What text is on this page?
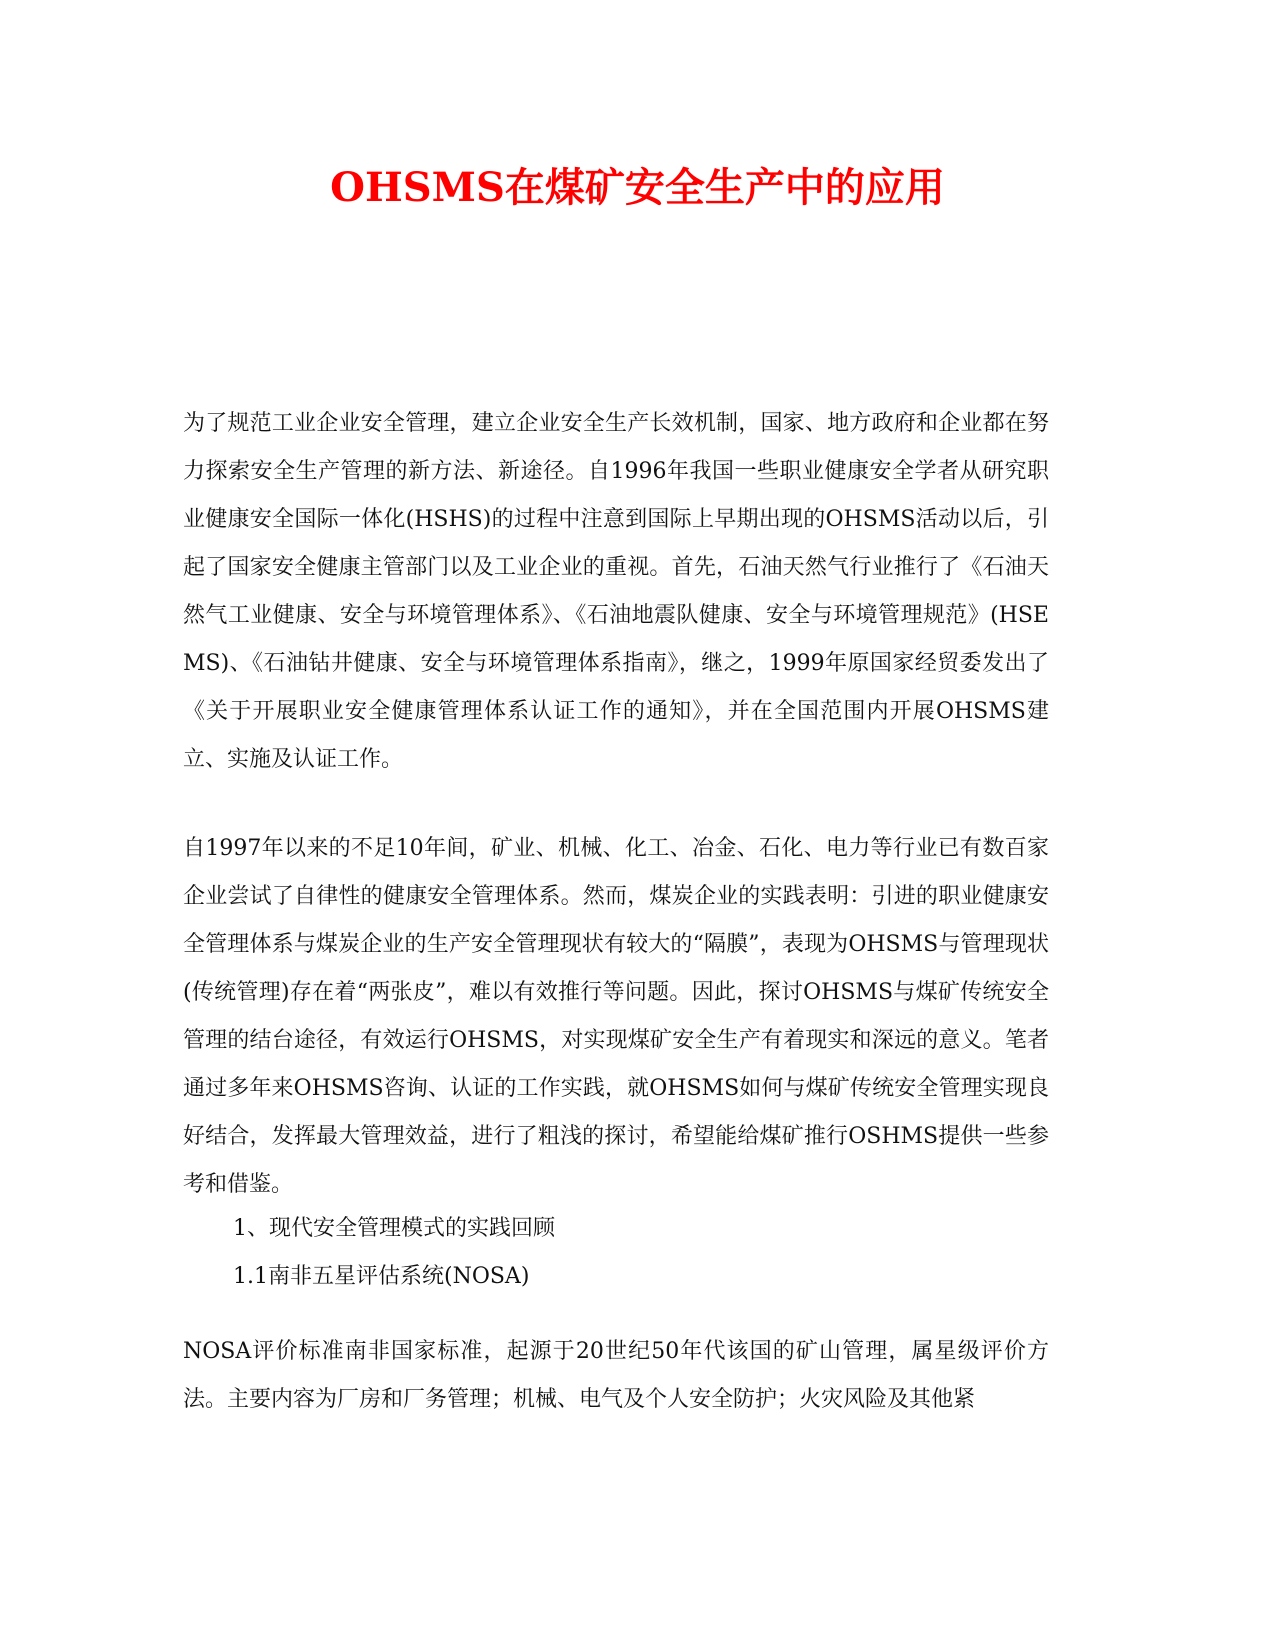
OHSMS在煤矿安全生产中的应用

为了规范工业企业安全管理，建立企业安全生产长效机制，国家、地方政府和企业都在努力探索安全生产管理的新方法、新途径。自1996年我国一些职业健康安全学者从研究职业健康安全国际一体化(HSHS)的过程中注意到国际上早期出现的OHSMS活动以后，引起了国家安全健康主管部门以及工业企业的重视。首先，石油天然气行业推行了《石油天然气工业健康、安全与环境管理体系》、《石油地震队健康、安全与环境管理规范》(HSEMS)、《石油钻井健康、安全与环境管理体系指南》，继之，1999年原国家经贸委发出了《关于开展职业安全健康管理体系认证工作的通知》，并在全国范围内开展OHSMS建立、实施及认证工作。

自1997年以来的不足10年间，矿业、机械、化工、冶金、石化、电力等行业已有数百家企业尝试了自律性的健康安全管理体系。然而，煤炭企业的实践表明：引进的职业健康安全管理体系与煤炭企业的生产安全管理现状有较大的“隔膜”，表现为OHSMS与管理现状(传统管理)存在着“两张皮”，难以有效推行等问题。因此，探讨OHSMS与煤矿传统安全管理的结台途径，有效运行OHSMS，对实现煤矿安全生产有着现实和深远的意义。笔者通过多年来OHSMS咨询、认证的工作实践，就OHSMS如何与煤矿传统安全管理实现良好结合，发挥最大管理效益，进行了粗浅的探讨，希望能给煤矿推行OSHMS提供一些参考和借鉴。

1、现代安全管理模式的实践回顾
1.1南非五星评估系统(NOSA)

NOSA评价标准南非国家标准，起源于20世纪50年代该国的矿山管理，属星级评价方法。主要内容为厂房和厂务管理；机械、电气及个人安全防护；火灾风险及其他紧
